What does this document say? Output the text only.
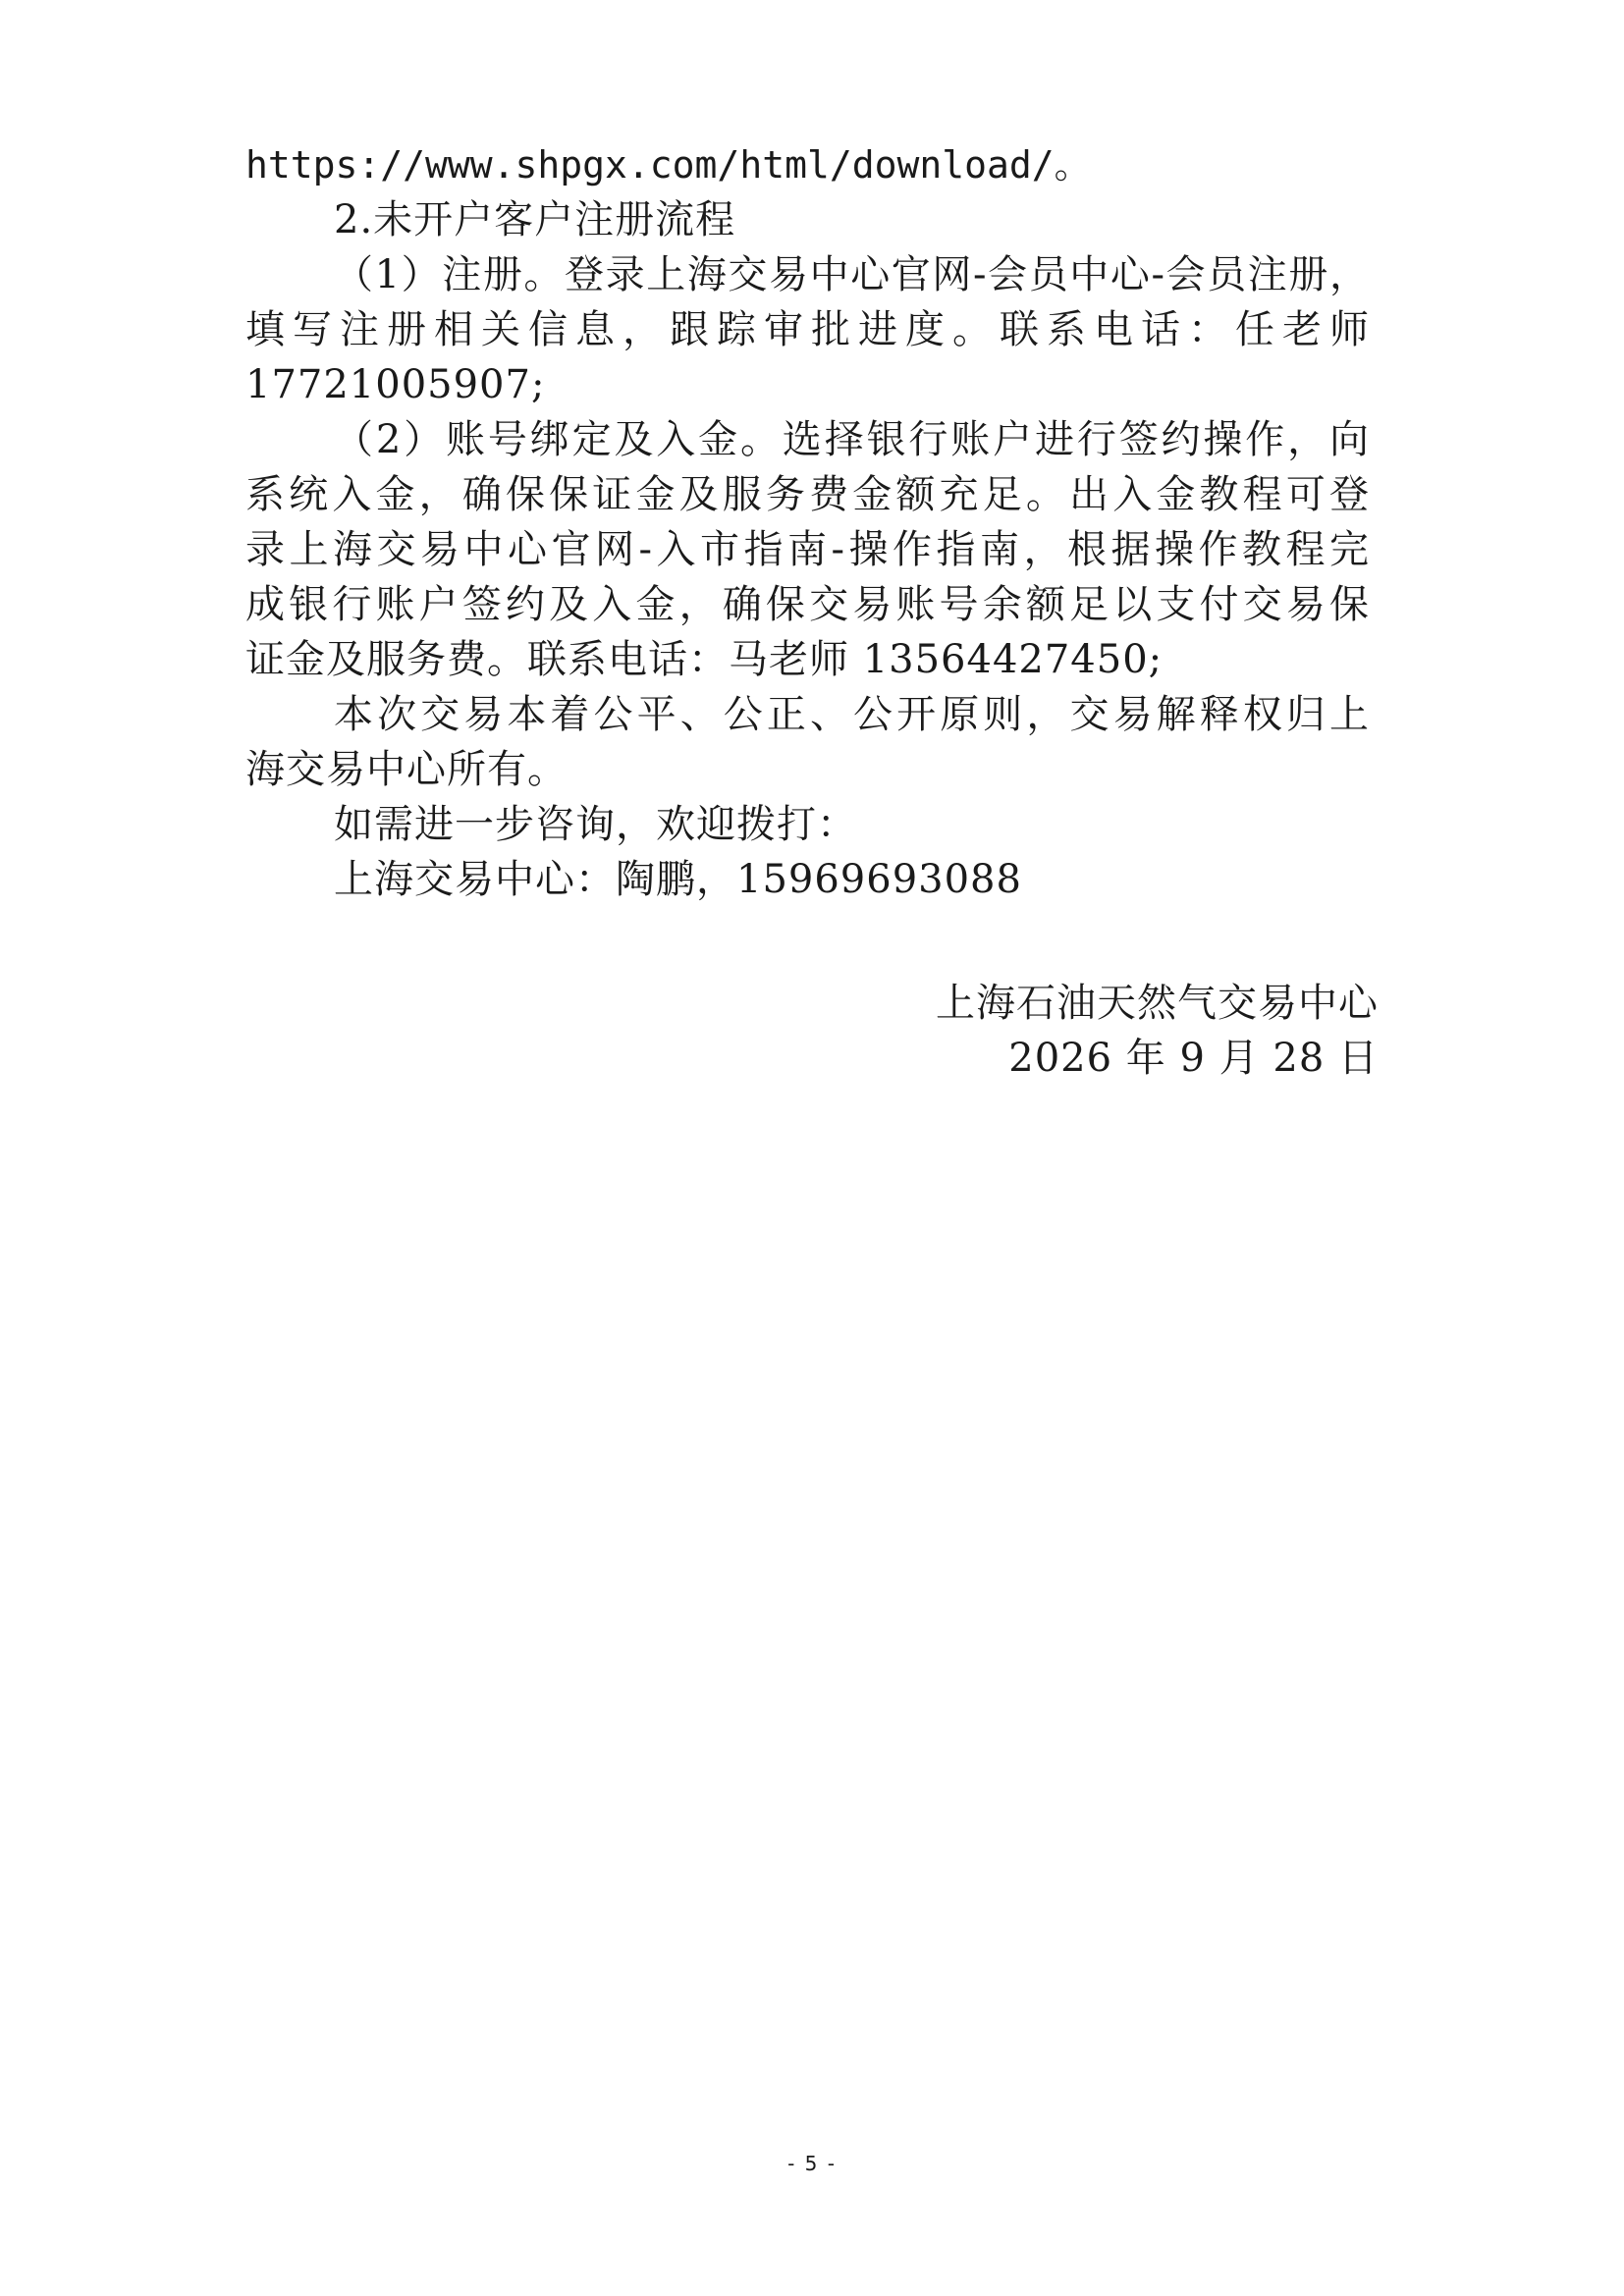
https://www.shpgx.com/html/download/。
2.未开户客户注册流程
（1）注册。登录上海交易中心官网-会员中心-会员注册，
填写注册相关信息，跟踪审批进度。联系电话：任老师
17721005907;
（2）账号绑定及入金。选择银行账户进行签约操作，向
系统入金，确保保证金及服务费金额充足。出入金教程可登
录上海交易中心官网-入市指南-操作指南，根据操作教程完
成银行账户签约及入金，确保交易账号余额足以支付交易保
证金及服务费。联系电话：马老师 13564427450;
本次交易本着公平、公正、公开原则，交易解释权归上
海交易中心所有。
如需进一步咨询，欢迎拨打：
上海交易中心：陶鹏，15969693088
上海石油天然气交易中心
2026 年 9 月 28 日
- 5 -
